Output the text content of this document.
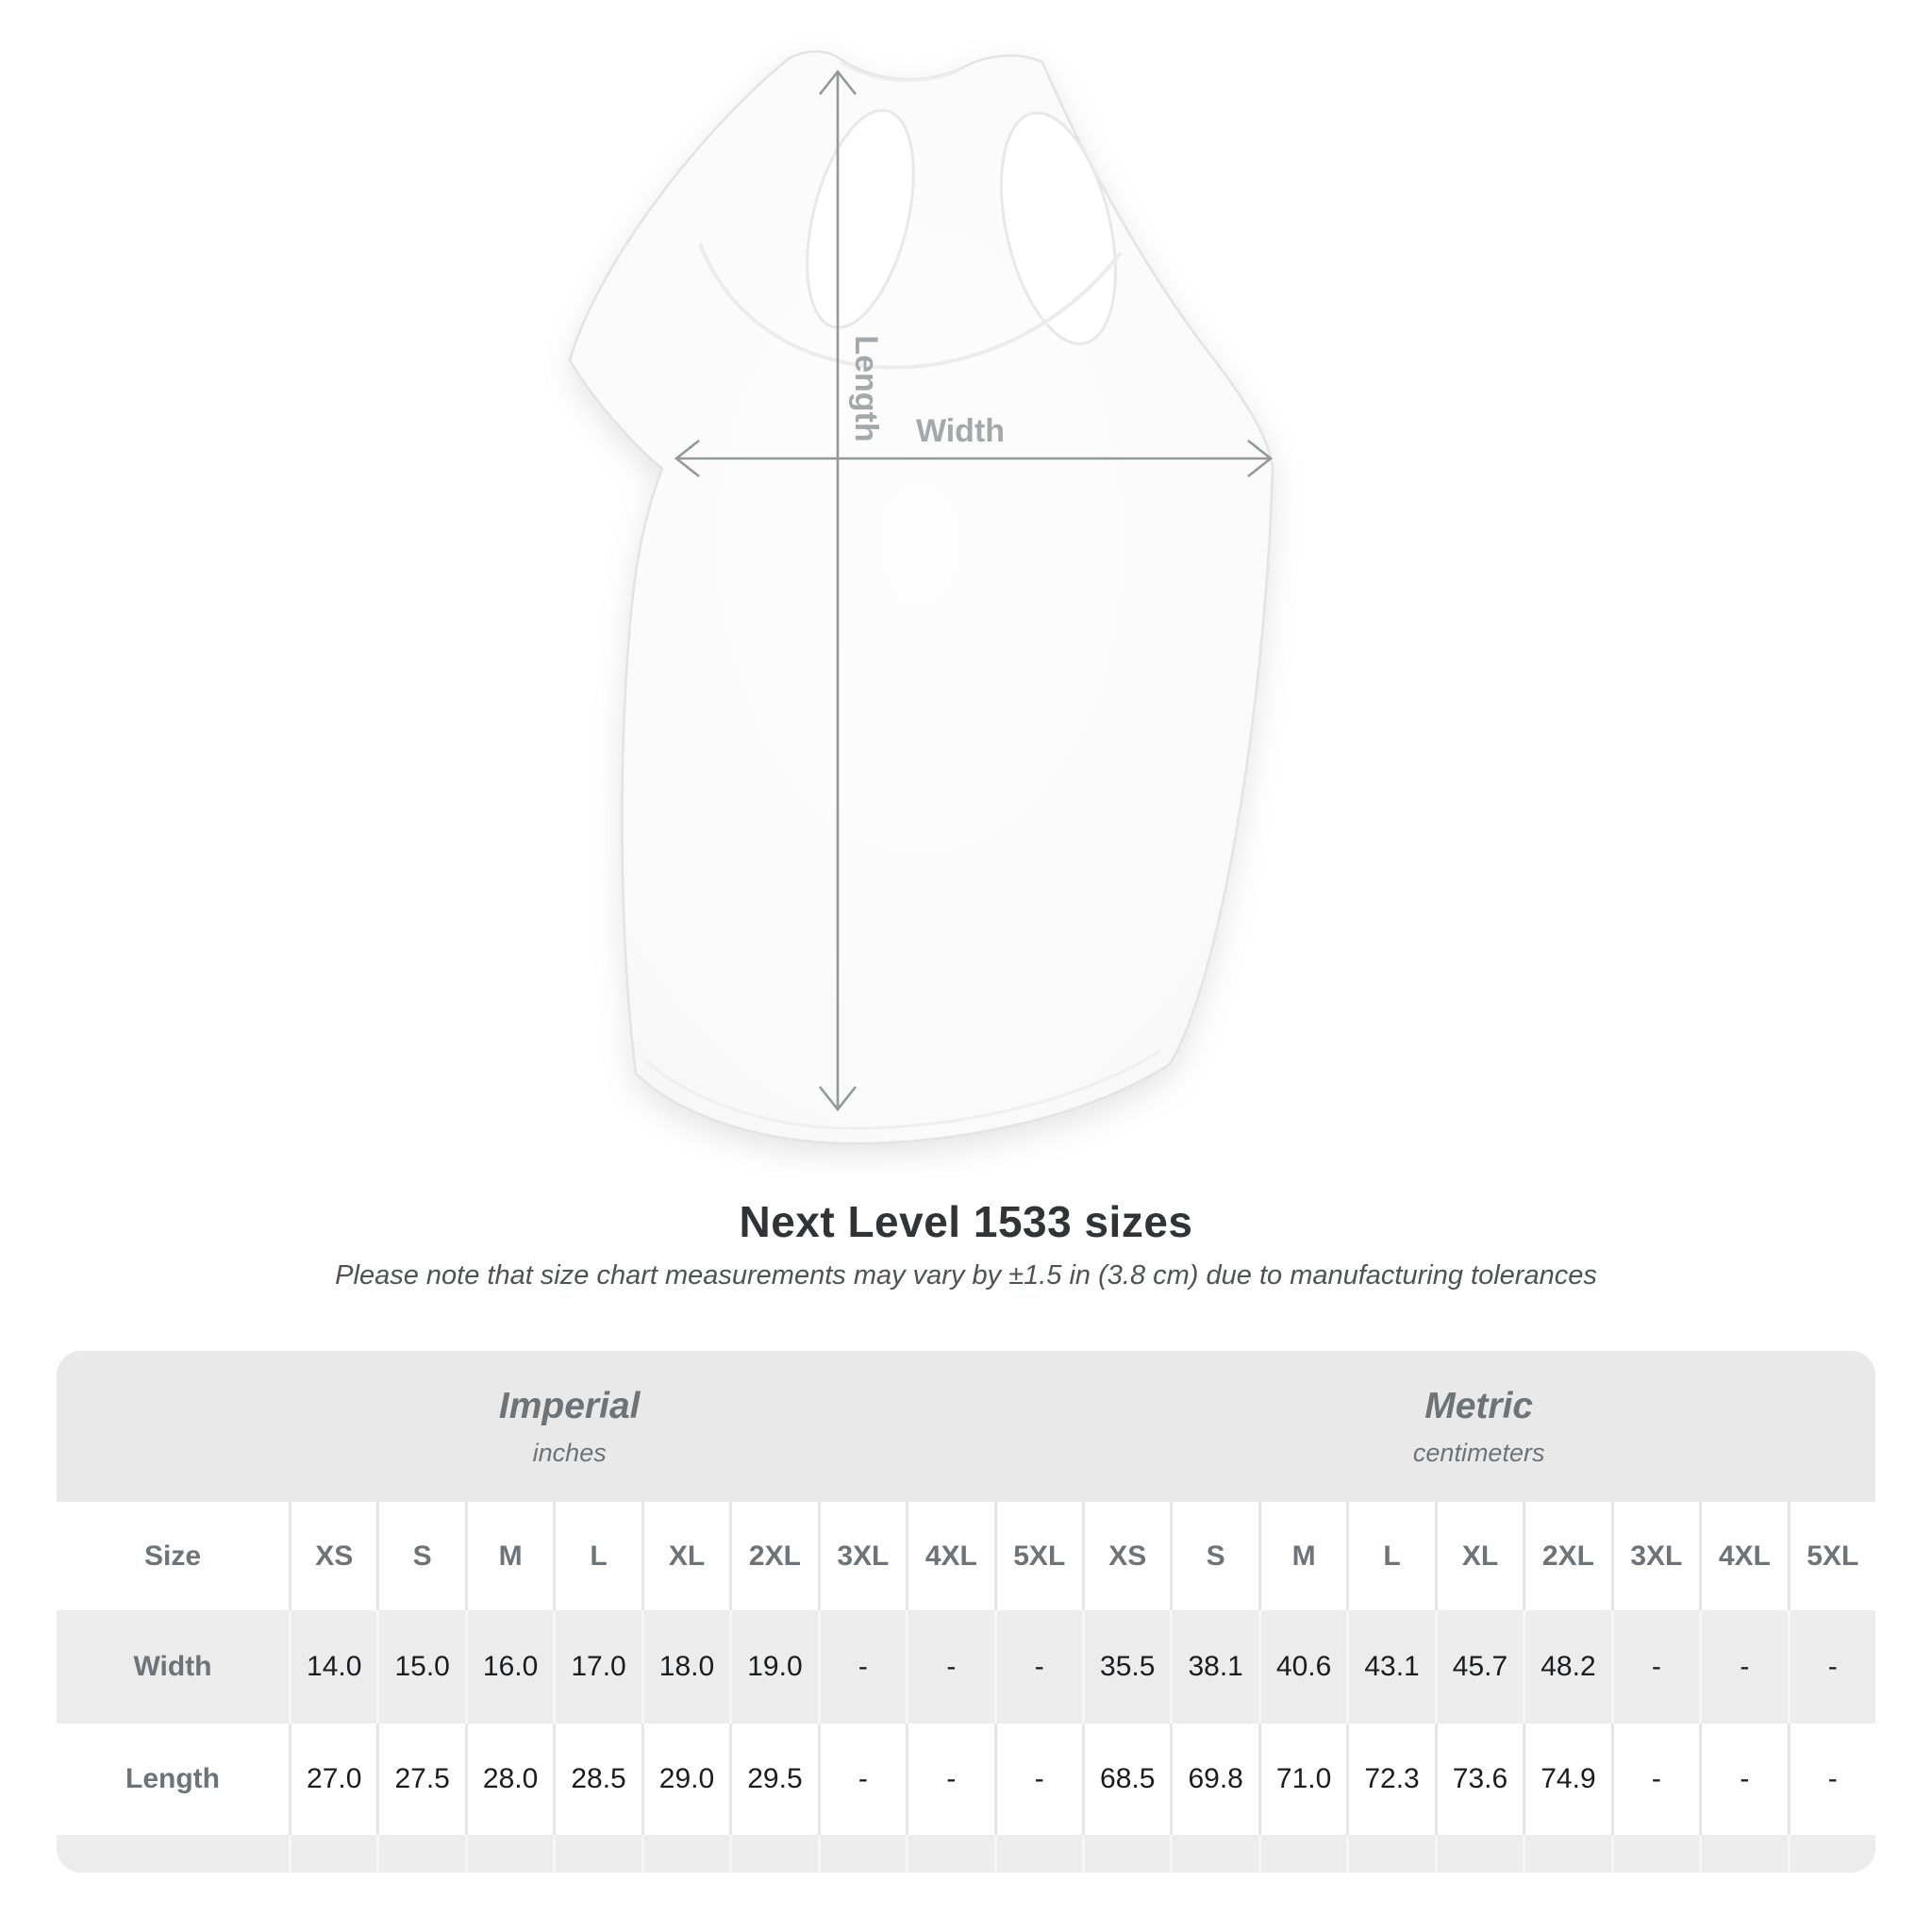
Length Width
Next Level 1533 sizes

Please note that size chart measurements may vary by ±1.5 in (3.8 cm) due to manufacturing tolerances

Imperial
inches
Metric
centimeters
Size	XS	S	M	L	XL	2XL	3XL	4XL	5XL	XS	S	M	L	XL	2XL	3XL	4XL	5XL
Width	14.0	15.0	16.0	17.0	18.0	19.0	-	-	-	35.5	38.1	40.6	43.1	45.7	48.2	-	-	-
Length	27.0	27.5	28.0	28.5	29.0	29.5	-	-	-	68.5	69.8	71.0	72.3	73.6	74.9	-	-	-
